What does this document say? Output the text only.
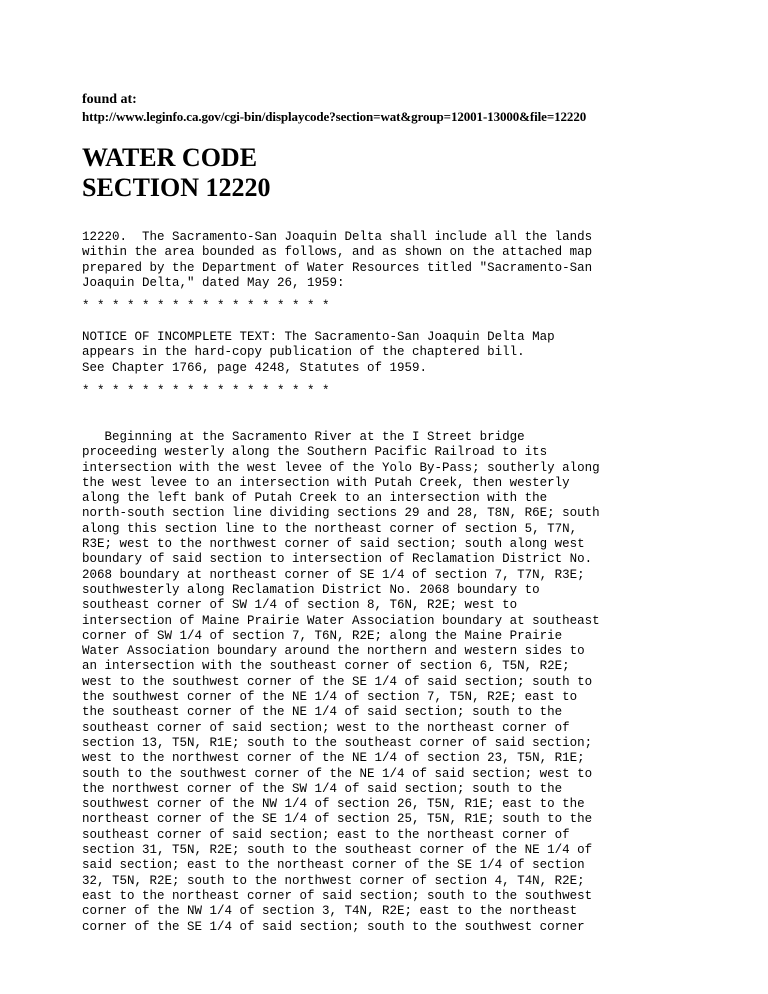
found at:
http://www.leginfo.ca.gov/cgi-bin/displaycode?section=wat&group=12001-13000&file=12220
WATER CODE
SECTION 12220
12220.  The Sacramento-San Joaquin Delta shall include all the lands
within the area bounded as follows, and as shown on the attached map
prepared by the Department of Water Resources titled "Sacramento-San
Joaquin Delta," dated May 26, 1959:
* * * * * * * * * * * * * * * * *
NOTICE OF INCOMPLETE TEXT: The Sacramento-San Joaquin Delta Map
appears in the hard-copy publication of the chaptered bill.
See Chapter 1766, page 4248, Statutes of 1959.
* * * * * * * * * * * * * * * * *
Beginning at the Sacramento River at the I Street bridge
proceeding westerly along the Southern Pacific Railroad to its
intersection with the west levee of the Yolo By-Pass; southerly along
the west levee to an intersection with Putah Creek, then westerly
along the left bank of Putah Creek to an intersection with the
north-south section line dividing sections 29 and 28, T8N, R6E; south
along this section line to the northeast corner of section 5, T7N,
R3E; west to the northwest corner of said section; south along west
boundary of said section to intersection of Reclamation District No.
2068 boundary at northeast corner of SE 1/4 of section 7, T7N, R3E;
southwesterly along Reclamation District No. 2068 boundary to
southeast corner of SW 1/4 of section 8, T6N, R2E; west to
intersection of Maine Prairie Water Association boundary at southeast
corner of SW 1/4 of section 7, T6N, R2E; along the Maine Prairie
Water Association boundary around the northern and western sides to
an intersection with the southeast corner of section 6, T5N, R2E;
west to the southwest corner of the SE 1/4 of said section; south to
the southwest corner of the NE 1/4 of section 7, T5N, R2E; east to
the southeast corner of the NE 1/4 of said section; south to the
southeast corner of said section; west to the northeast corner of
section 13, T5N, R1E; south to the southeast corner of said section;
west to the northwest corner of the NE 1/4 of section 23, T5N, R1E;
south to the southwest corner of the NE 1/4 of said section; west to
the northwest corner of the SW 1/4 of said section; south to the
southwest corner of the NW 1/4 of section 26, T5N, R1E; east to the
northeast corner of the SE 1/4 of section 25, T5N, R1E; south to the
southeast corner of said section; east to the northeast corner of
section 31, T5N, R2E; south to the southeast corner of the NE 1/4 of
said section; east to the northeast corner of the SE 1/4 of section
32, T5N, R2E; south to the northwest corner of section 4, T4N, R2E;
east to the northeast corner of said section; south to the southwest
corner of the NW 1/4 of section 3, T4N, R2E; east to the northeast
corner of the SE 1/4 of said section; south to the southwest corner
